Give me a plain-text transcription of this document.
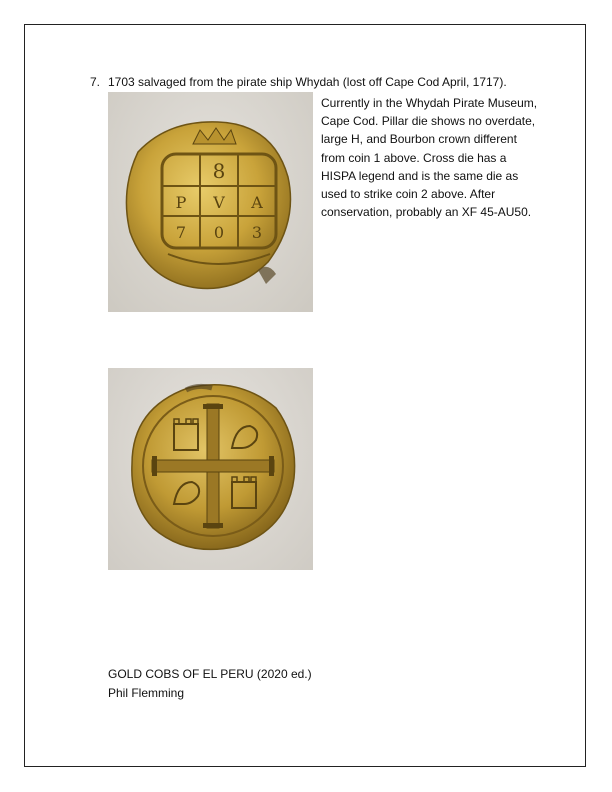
7. 1703 salvaged from the pirate ship Whydah (lost off Cape Cod April, 1717).
Currently in the Whydah Pirate Museum, Cape Cod. Pillar die shows no overdate, large H, and Bourbon crown different from coin 1 above. Cross die has a HISPA legend and is the same die as used to strike coin 2 above. After conservation, probably an XF 45-AU50.
8
P V A
7 0 3
GOLD COBS OF EL PERU (2020 ed.)
Phil Flemming
